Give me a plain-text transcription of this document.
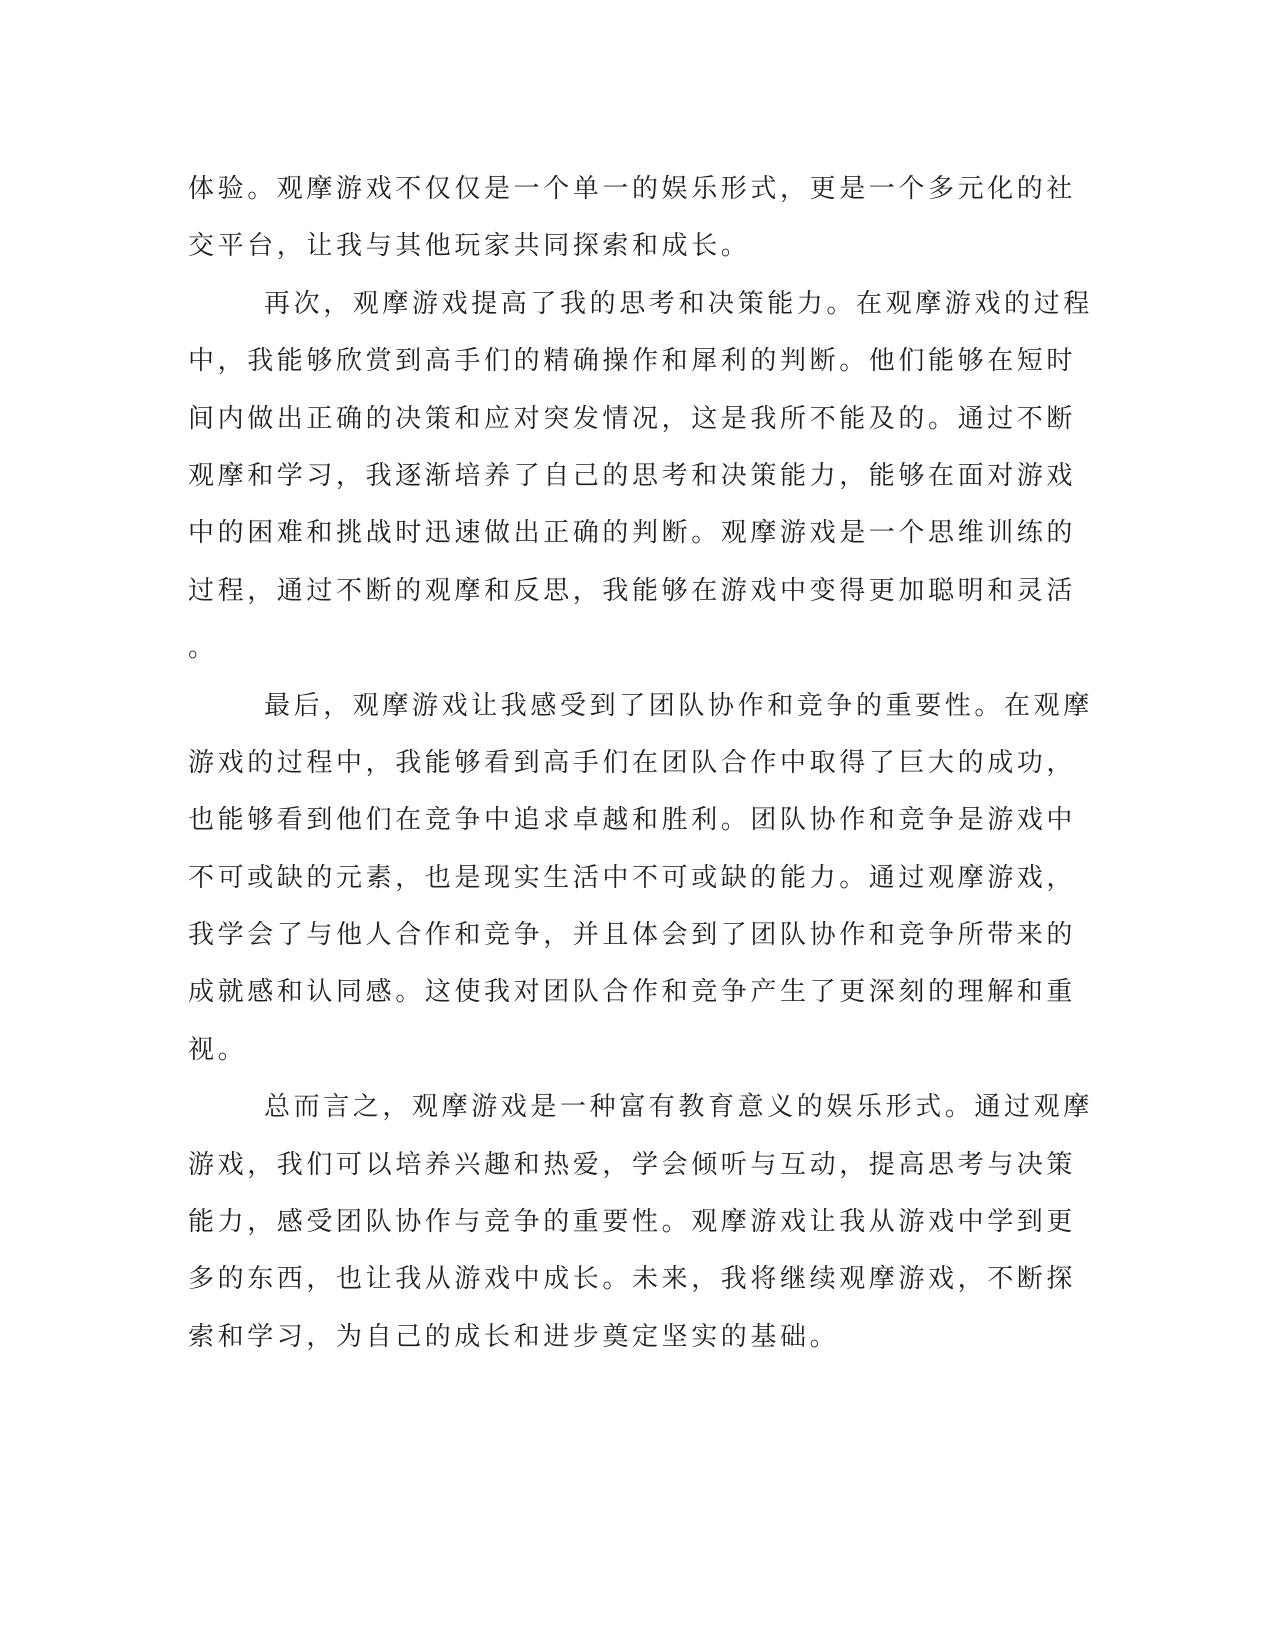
体验。观摩游戏不仅仅是一个单一的娱乐形式，更是一个多元化的社
交平台，让我与其他玩家共同探索和成长。
再次，观摩游戏提高了我的思考和决策能力。在观摩游戏的过程
中，我能够欣赏到高手们的精确操作和犀利的判断。他们能够在短时
间内做出正确的决策和应对突发情况，这是我所不能及的。通过不断
观摩和学习，我逐渐培养了自己的思考和决策能力，能够在面对游戏
中的困难和挑战时迅速做出正确的判断。观摩游戏是一个思维训练的
过程，通过不断的观摩和反思，我能够在游戏中变得更加聪明和灵活
。
最后，观摩游戏让我感受到了团队协作和竞争的重要性。在观摩
游戏的过程中，我能够看到高手们在团队合作中取得了巨大的成功，
也能够看到他们在竞争中追求卓越和胜利。团队协作和竞争是游戏中
不可或缺的元素，也是现实生活中不可或缺的能力。通过观摩游戏，
我学会了与他人合作和竞争，并且体会到了团队协作和竞争所带来的
成就感和认同感。这使我对团队合作和竞争产生了更深刻的理解和重
视。
总而言之，观摩游戏是一种富有教育意义的娱乐形式。通过观摩
游戏，我们可以培养兴趣和热爱，学会倾听与互动，提高思考与决策
能力，感受团队协作与竞争的重要性。观摩游戏让我从游戏中学到更
多的东西，也让我从游戏中成长。未来，我将继续观摩游戏，不断探
索和学习，为自己的成长和进步奠定坚实的基础。
